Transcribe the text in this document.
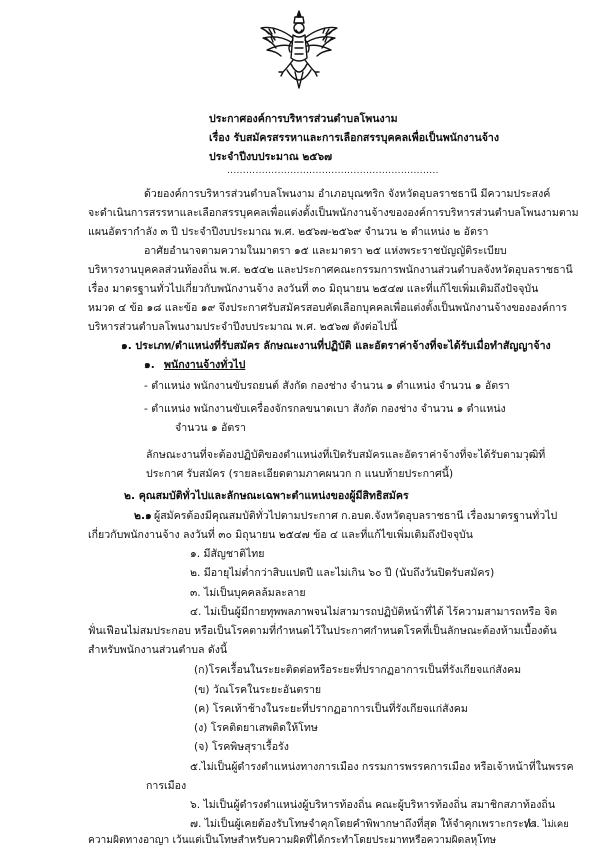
ประกาศองค์การบริหารส่วนตำบลโพนงาม
เรื่อง รับสมัครสรรหาและการเลือกสรรบุคคลเพื่อเป็นพนักงานจ้าง
ประจำปีงบประมาณ ๒๕๖๗
...................................................................
ด้วยองค์การบริหารส่วนตำบลโพนงาม อำเภอบุณฑริก จังหวัดอุบลราชธานี มีความประสงค์
จะดำเนินการสรรหาและเลือกสรรบุคคลเพื่อแต่งตั้งเป็นพนักงานจ้างขององค์การบริหารส่วนตำบลโพนงามตาม
แผนอัตรากำลัง ๓ ปี ประจำปีงบประมาณ พ.ศ. ๒๕๖๗-๒๕๖๙ จำนวน ๒ ตำแหน่ง ๒ อัตรา
อาศัยอำนาจตามความในมาตรา ๑๕ และมาตรา ๒๕ แห่งพระราชบัญญัติระเบียบ
บริหารงานบุคคลส่วนท้องถิ่น พ.ศ. ๒๕๔๒ และประกาศคณะกรรมการพนักงานส่วนตำบลจังหวัดอุบลราชธานี
เรื่อง มาตรฐานทั่วไปเกี่ยวกับพนักงานจ้าง ลงวันที่ ๓๐ มิถุนายน ๒๕๔๗ และที่แก้ไขเพิ่มเติมถึงปัจจุบัน
หมวด ๔ ข้อ ๑๘ และข้อ ๑๙ จึงประกาศรับสมัครสอบคัดเลือกบุคคลเพื่อแต่งตั้งเป็นพนักงานจ้างขององค์การ
บริหารส่วนตำบลโพนงามประจำปีงบประมาณ พ.ศ. ๒๕๖๗ ดังต่อไปนี้
๑. ประเภท/ตำแหน่งที่รับสมัคร ลักษณะงานที่ปฏิบัติ และอัตราค่าจ้างที่จะได้รับเมื่อทำสัญญาจ้าง
๑. พนักงานจ้างทั่วไป
- ตำแหน่ง พนักงานขับรถยนต์ สังกัด กองช่าง จำนวน ๑ ตำแหน่ง จำนวน ๑ อัตรา
- ตำแหน่ง พนักงานขับเครื่องจักรกลขนาดเบา สังกัด กองช่าง จำนวน ๑ ตำแหน่ง
จำนวน ๑ อัตรา
ลักษณะงานที่จะต้องปฏิบัติของตำแหน่งที่เปิดรับสมัครและอัตราค่าจ้างที่จะได้รับตามวุฒิที่
ประกาศ รับสมัคร (รายละเอียดตามภาคผนวก ก แนบท้ายประกาศนี้)
๒. คุณสมบัติทั่วไปและลักษณะเฉพาะตำแหน่งของผู้มีสิทธิสมัคร
๒.๑ ผู้สมัครต้องมีคุณสมบัติทั่วไปตามประกาศ ก.อบต.จังหวัดอุบลราชธานี เรื่องมาตรฐานทั่วไป
เกี่ยวกับพนักงานจ้าง ลงวันที่ ๓๐ มิถุนายน ๒๕๔๗ ข้อ ๔ และที่แก้ไขเพิ่มเติมถึงปัจจุบัน
๑. มีสัญชาติไทย
๒. มีอายุไม่ต่ำกว่าสิบแปดปี และไม่เกิน ๖๐ ปี (นับถึงวันปิดรับสมัคร)
๓. ไม่เป็นบุคคลล้มละลาย
๔. ไม่เป็นผู้มีกายทุพพลภาพจนไม่สามารถปฏิบัติหน้าที่ได้ ไร้ความสามารถหรือ จิต
ฟั่นเฟือนไม่สมประกอบ หรือเป็นโรคตามที่กำหนดไว้ในประกาศกำหนดโรคที่เป็นลักษณะต้องห้ามเบื้องต้น
สำหรับพนักงานส่วนตำบล ดังนี้
(ก)โรคเรื้อนในระยะติดต่อหรือระยะที่ปรากฏอาการเป็นที่รังเกียจแก่สังคม
(ข) วัณโรคในระยะอันตราย
(ค) โรคเท้าช้างในระยะที่ปรากฏอาการเป็นที่รังเกียจแก่สังคม
(ง) โรคติดยาเสพติดให้โทษ
(จ) โรคพิษสุราเรื้อรัง
๕.ไม่เป็นผู้ดำรงตำแหน่งทางการเมือง กรรมการพรรคการเมือง หรือเจ้าหน้าที่ในพรรค
การเมือง
๖. ไม่เป็นผู้ดำรงตำแหน่งผู้บริหารท้องถิ่น คณะผู้บริหารท้องถิ่น สมาชิกสภาท้องถิ่น
๗. ไม่เป็นผู้เคยต้องรับโทษจำคุกโดยคำพิพากษาถึงที่สุด ให้จำคุกเพราะกระทำ
ความผิดทางอาญา เว้นแต่เป็นโทษสำหรับความผิดที่ได้กระทำโดยประมาทหรือความผิดลหุโทษ
/๘. ไม่เคย
